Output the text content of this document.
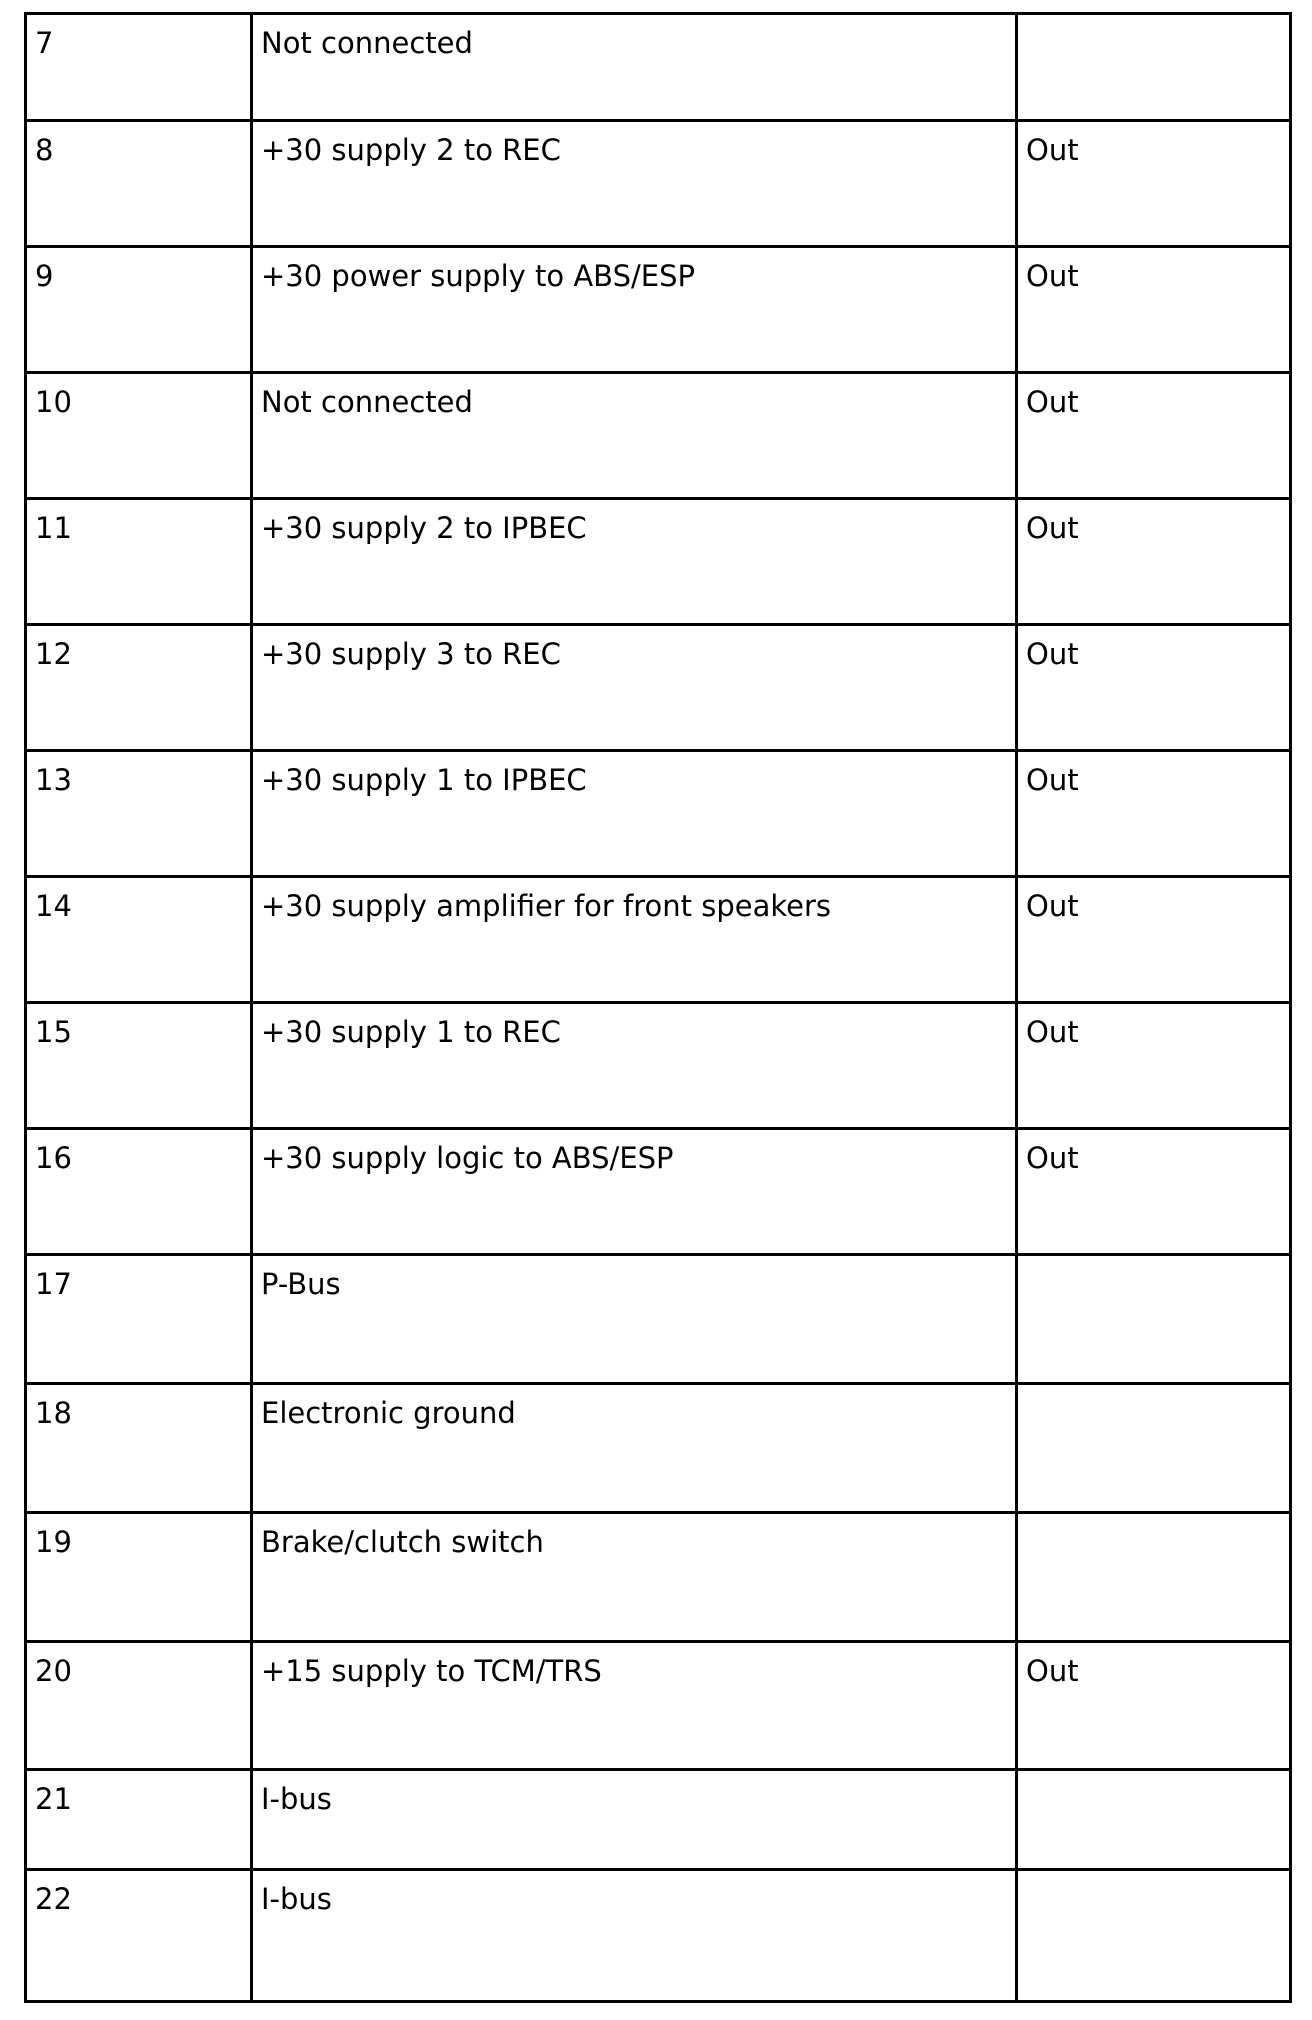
7	Not connected	
8	+30 supply 2 to REC	Out
9	+30 power supply to ABS/ESP	Out
10	Not connected	Out
11	+30 supply 2 to IPBEC	Out
12	+30 supply 3 to REC	Out
13	+30 supply 1 to IPBEC	Out
14	+30 supply amplifier for front speakers	Out
15	+30 supply 1 to REC	Out
16	+30 supply logic to ABS/ESP	Out
17	P-Bus	
18	Electronic ground	
19	Brake/clutch switch	
20	+15 supply to TCM/TRS	Out
21	I-bus	
22	I-bus	
